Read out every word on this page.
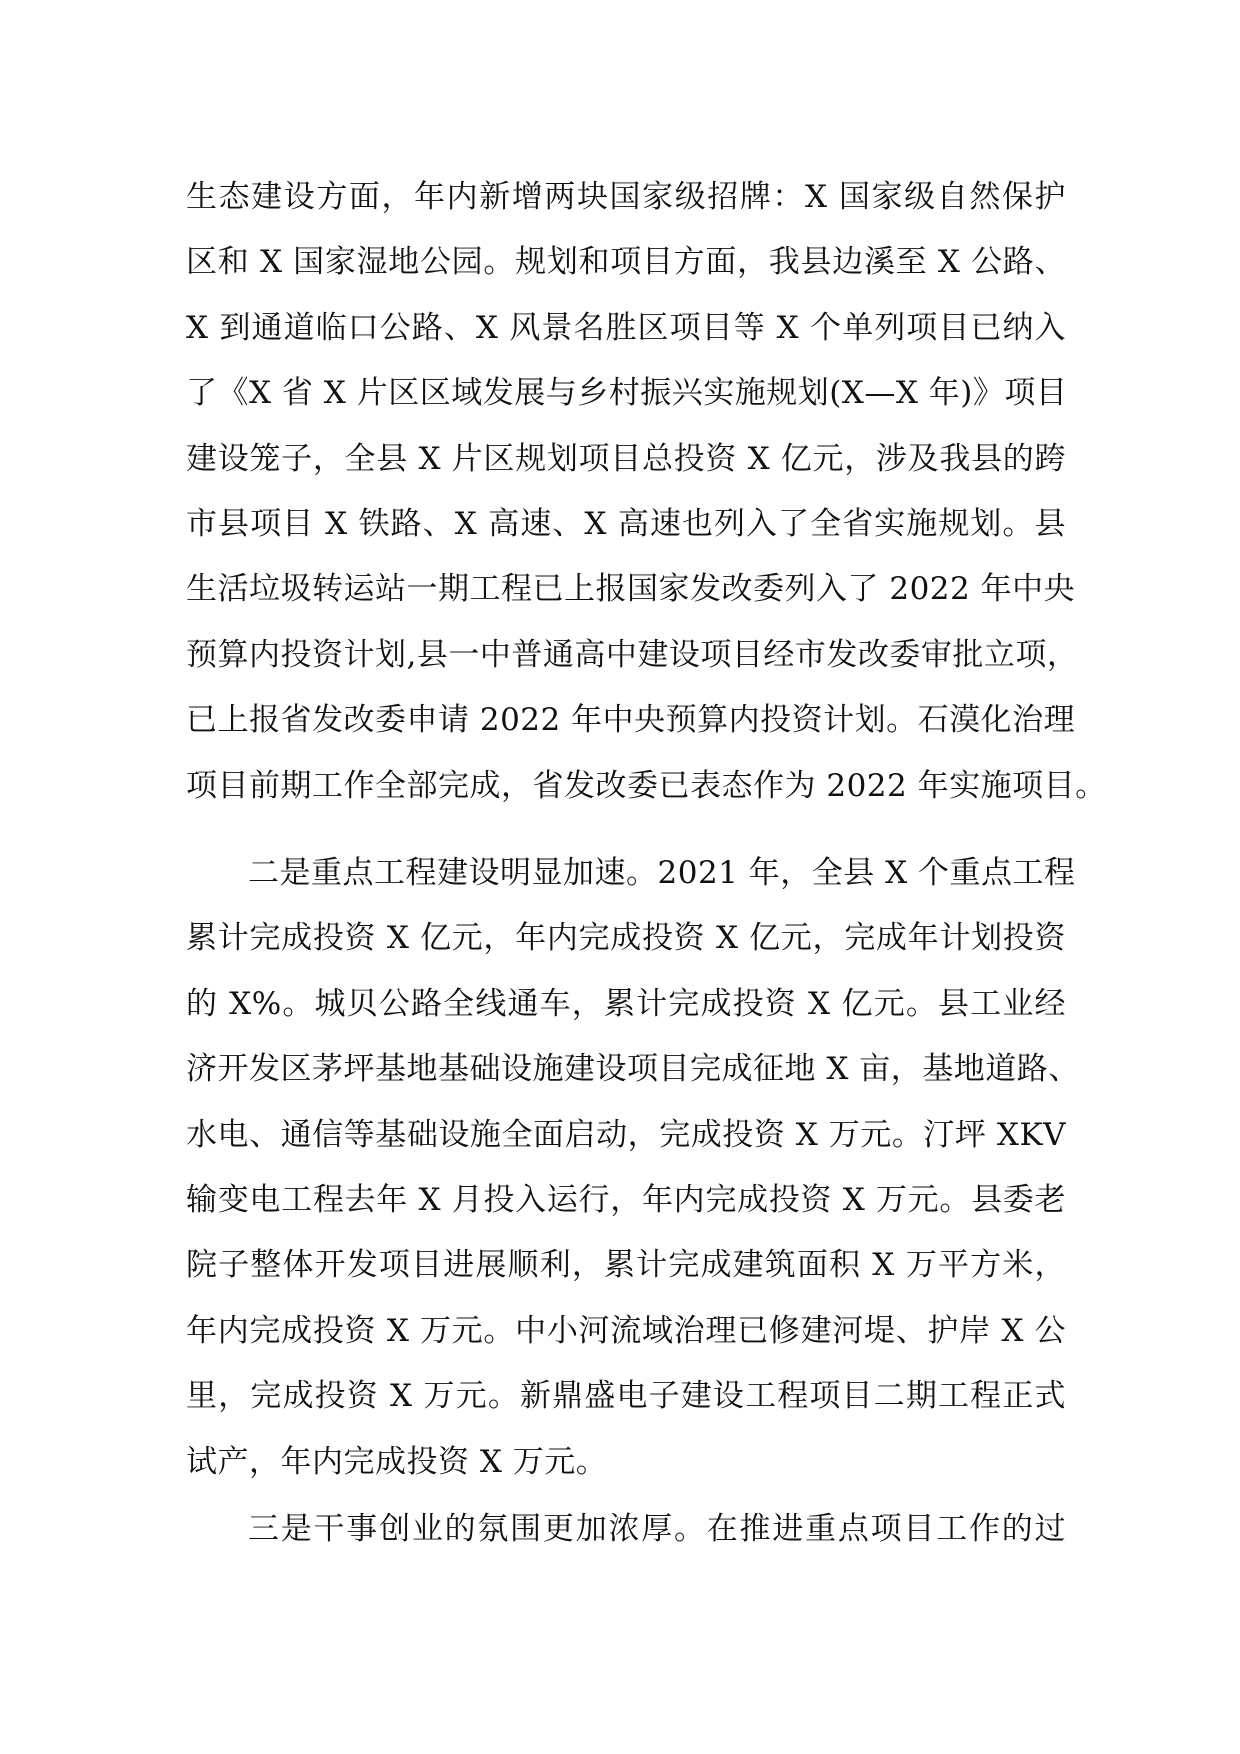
生态建设方面，年内新增两块国家级招牌：X 国家级自然保护
区和 X 国家湿地公园。规划和项目方面，我县边溪至 X 公路、
X 到通道临口公路、X 风景名胜区项目等 X 个单列项目已纳入
了《X 省 X 片区区域发展与乡村振兴实施规划(X—X 年)》项目
建设笼子，全县 X 片区规划项目总投资 X 亿元，涉及我县的跨
市县项目 X 铁路、X 高速、X 高速也列入了全省实施规划。县
生活垃圾转运站一期工程已上报国家发改委列入了 2022 年中央
预算内投资计划,县一中普通高中建设项目经市发改委审批立项，
已上报省发改委申请 2022 年中央预算内投资计划。石漠化治理
项目前期工作全部完成，省发改委已表态作为 2022 年实施项目。
二是重点工程建设明显加速。2021 年，全县 X 个重点工程
累计完成投资 X 亿元，年内完成投资 X 亿元，完成年计划投资
的 X%。城贝公路全线通车，累计完成投资 X 亿元。县工业经
济开发区茅坪基地基础设施建设项目完成征地 X 亩，基地道路、
水电、通信等基础设施全面启动，完成投资 X 万元。汀坪 XKV
输变电工程去年 X 月投入运行，年内完成投资 X 万元。县委老
院子整体开发项目进展顺利，累计完成建筑面积 X 万平方米，
年内完成投资 X 万元。中小河流域治理已修建河堤、护岸 X 公
里，完成投资 X 万元。新鼎盛电子建设工程项目二期工程正式
试产，年内完成投资 X 万元。
三是干事创业的氛围更加浓厚。在推进重点项目工作的过
